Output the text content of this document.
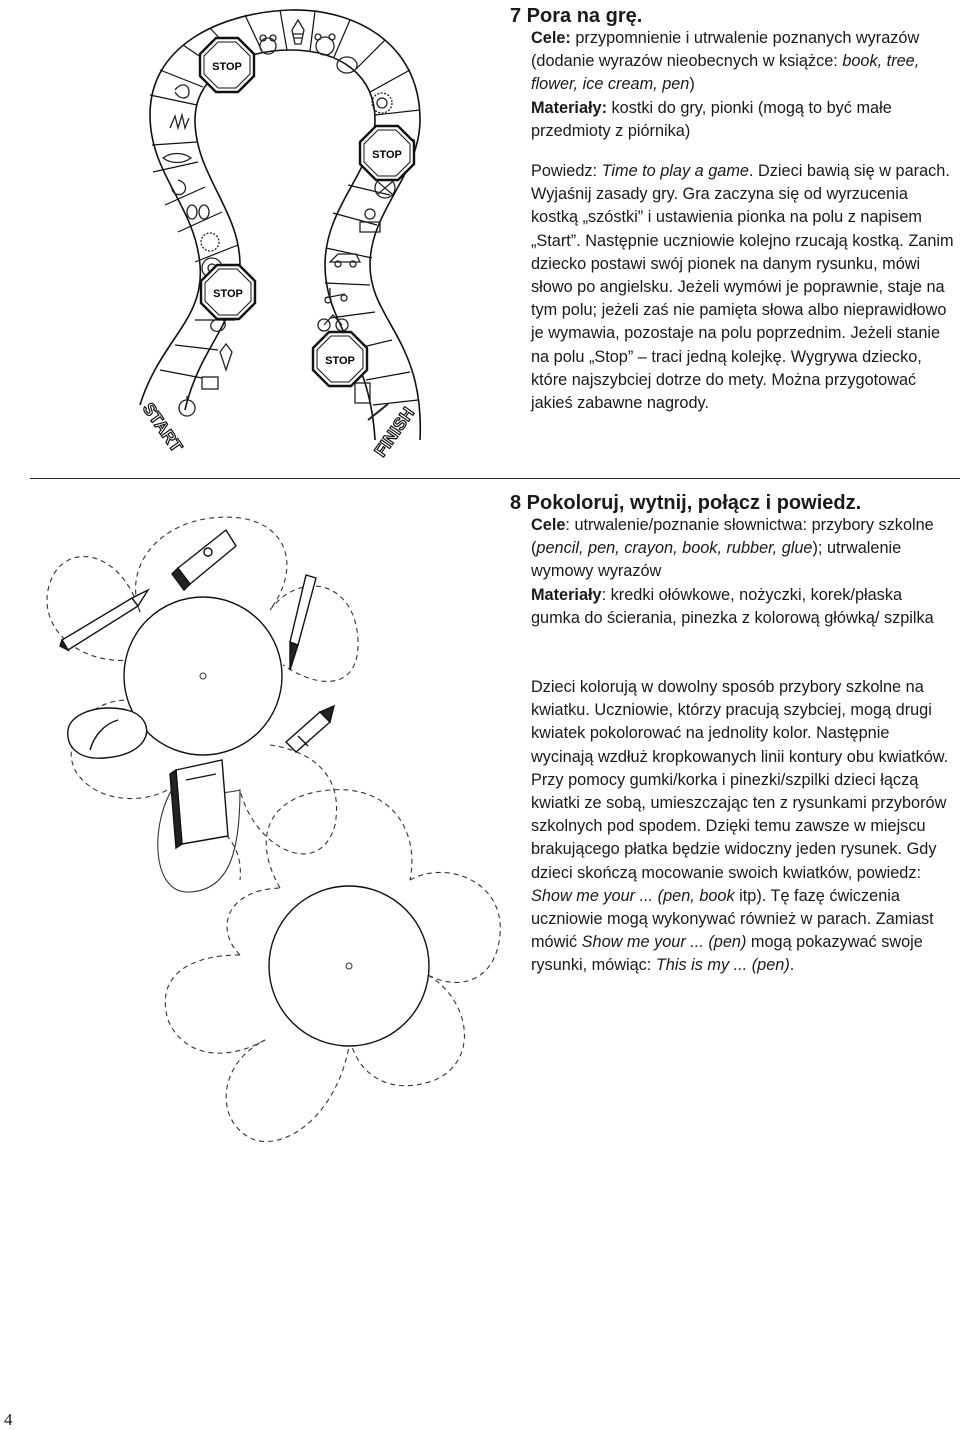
STOP
STOP
STOP
STOP
START	FINISH
7 Pora na grę.

Cele: przypomnienie i utrwalenie poznanych wyrazów (dodanie wyrazów nieobecnych w książce: book, tree, flower, ice cream, pen)

Materiały: kostki do gry, pionki (mogą to być małe przedmioty z piórnika)

Powiedz: Time to play a game. Dzieci bawią się w parach. Wyjaśnij zasady gry. Gra zaczyna się od wyrzucenia kostką „szóstki” i ustawienia pionka na polu z napisem „Start”. Następnie uczniowie kolejno rzucają kostką. Zanim dziecko postawi swój pionek na danym rysunku, mówi słowo po angielsku. Jeżeli wymówi je poprawnie, staje na tym polu; jeżeli zaś nie pamięta słowa albo nieprawidłowo je wymawia, pozostaje na polu poprzednim. Jeżeli stanie na polu „Stop” – traci jedną kolejkę. Wygrywa dziecko, które najszybciej dotrze do mety. Można przygotować jakieś zabawne nagrody.

8 Pokoloruj, wytnij, połącz i powiedz.

Cele: utrwalenie/poznanie słownictwa: przybory szkolne (pencil, pen, crayon, book, rubber, glue); utrwalenie wymowy wyrazów

Materiały: kredki ołówkowe, nożyczki, korek/płaska gumka do ścierania, pinezka z kolorową główką/ szpilka

Dzieci kolorują w dowolny sposób przybory szkolne na kwiatku. Uczniowie, którzy pracują szybciej, mogą drugi kwiatek pokolorować na jednolity kolor. Następnie wycinają wzdłuż kropkowanych linii kontury obu kwiatków. Przy pomocy gumki/korka i pinezki/szpilki dzieci łączą kwiatki ze sobą, umieszczając ten z rysunkami przyborów szkolnych pod spodem. Dzięki temu zawsze w miejscu brakującego płatka będzie widoczny jeden rysunek. Gdy dzieci skończą mocowanie swoich kwiatków, powiedz: Show me your ... (pen, book itp). Tę fazę ćwiczenia uczniowie mogą wykonywać również w parach. Zamiast mówić Show me your ... (pen) mogą pokazywać swoje rysunki, mówiąc: This is my ... (pen).

4
